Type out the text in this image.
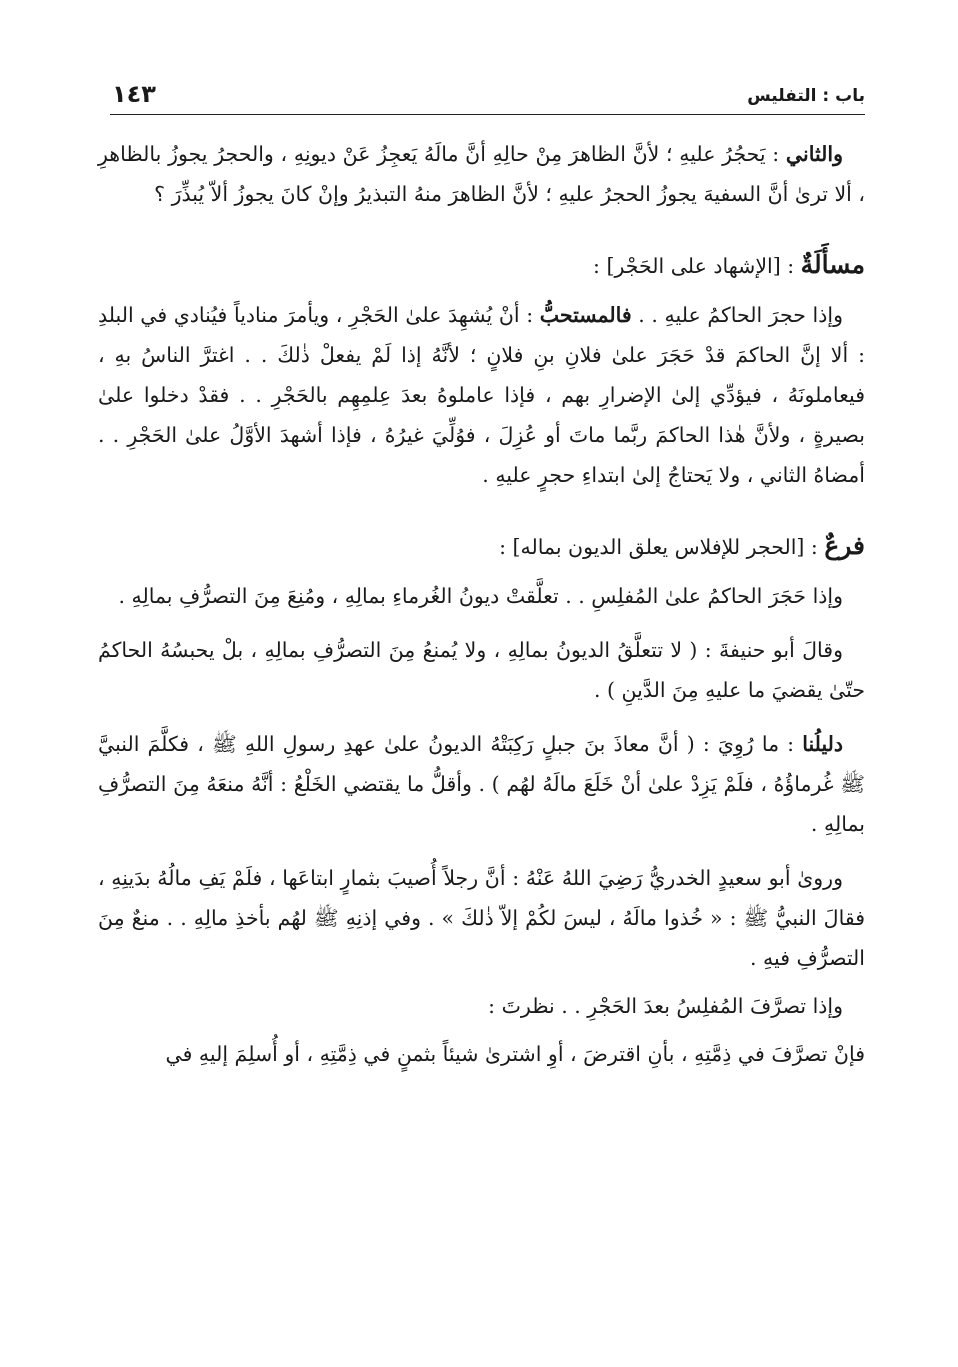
باب : التفليس
١٤٣

والثاني : يَحجُرُ عليهِ ؛ لأنَّ الظاهرَ مِنْ حالِهِ أنَّ مالَهُ يَعجِزُ عَنْ ديونِهِ ، والحجرُ يجوزُ بالظاهرِ ، ألا ترىٰ أنَّ السفيهَ يجوزُ الحجرُ عليهِ ؛ لأنَّ الظاهرَ منهُ التبذيرُ وإنْ كانَ يجوزُ ألاّ يُبذِّرَ ؟

مسأَلَةٌ : [الإشهاد على الحَجْر] :

وإذا حجرَ الحاكمُ عليهِ . . فالمستحبُّ : أنْ يُشهِدَ علىٰ الحَجْرِ ، ويأمرَ منادياً فيُنادي في البلدِ : ألا إنَّ الحاكمَ قدْ حَجَرَ علىٰ فلانِ بنِ فلانٍ ؛ لأنَّهُ إذا لَمْ يفعلْ ذٰلكَ . . اغترَّ الناسُ بهِ ، فيعاملونَهُ ، فيؤدِّي إلىٰ الإضرارِ بهم ، فإذا عاملوهُ بعدَ عِلمِهِم بالحَجْرِ . . فقدْ دخلوا علىٰ بصيرةٍ ، ولأنَّ هٰذا الحاكمَ ربَّما ماتَ أو عُزِلَ ، فوُلِّيَ غيرُهُ ، فإذا أشهدَ الأوَّلُ علىٰ الحَجْرِ . . أمضاهُ الثاني ، ولا يَحتاجُ إلىٰ ابتداءِ حجرٍ عليهِ .

فرعٌ : [الحجر للإفلاس يعلق الديون بماله] :

وإذا حَجَرَ الحاكمُ علىٰ المُفلِسِ . . تعلَّقتْ ديونُ الغُرماءِ بمالِهِ ، ومُنِعَ مِنَ التصرُّفِ بمالِهِ .

وقالَ أبو حنيفةَ : ( لا تتعلَّقُ الديونُ بمالِهِ ، ولا يُمنعُ مِنَ التصرُّفِ بمالِهِ ، بلْ يحبسُهُ الحاكمُ حتّىٰ يقضيَ ما عليهِ مِنَ الدَّينِ ) .

دليلُنا : ما رُوِيَ : ( أنَّ معاذَ بنَ جبلٍ رَكِبَتْهُ الديونُ علىٰ عهدِ رسولِ اللهِ ﷺ ، فكلَّمَ النبيَّ ﷺ غُرماؤُهُ ، فلَمْ يَزِدْ علىٰ أنْ خَلَعَ مالَهُ لهُم ) . وأقلُّ ما يقتضي الخَلْعُ : أنَّهُ منعَهُ مِنَ التصرُّفِ بمالِهِ .

وروىٰ أبو سعيدٍ الخدريُّ رَضِيَ اللهُ عَنْهُ : أنَّ رجلاً أُصيبَ بثمارٍ ابتاعَها ، فلَمْ يَفِ مالُهُ بدَينِهِ ، فقالَ النبيُّ ﷺ : « خُذوا مالَهُ ، ليسَ لكُمْ إلاّ ذٰلكَ » . وفي إذنِهِ ﷺ لهُم بأخذِ مالِهِ . . منعٌ مِنَ التصرُّفِ فيهِ .

وإذا تصرَّفَ المُفلِسُ بعدَ الحَجْرِ . . نظرتَ :

فإنْ تصرَّفَ في ذِمَّتِهِ ، بأنِ اقترضَ ، أوِ اشترىٰ شيئاً بثمنٍ في ذِمَّتِهِ ، أو أُسلِمَ إليهِ في
